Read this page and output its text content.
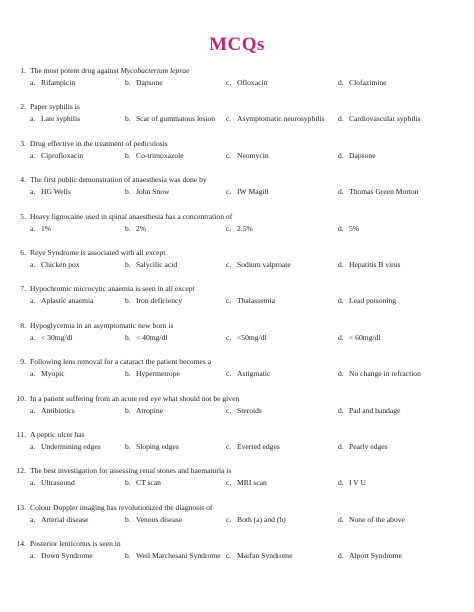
MCQs
1. The most potent drug against Mycobacterium leprae
a. Rifampicin	b. Dapsone	c. Ofloxacin	d. Clofazimine
2. Paper syphilis is
a. Late syphilis	b. Scar of gummatous lesion c. Asymptomatic neurosyphilis d. Cardiovascular syphilis
3. Drug effective in the treatment of pediculosis
a. Ciprofloxacin	b. Co-trimoxazole	c. Neomycin	d. Dapsone
4. The first public demonstration of anaesthesia was done by
a. HG Wells	b. John Snow	c. IW Magill	d. Thomas Green Morton
5. Heavy lignocaine used in spinal anaesthesia has a concentration of
a. 1%	b. 2%	c. 2.5%	d. 5%
6. Reye Syndrome is associated with all except
a. Chicken pox	b. Salycilic acid	c. Sodium valproate	d. Hepatitis B virus
7. Hypochromic microcytic anaemia is seen in all except
a. Aplastic anaemia	b. Iron deficiency	c. Thalassemia	d. Lead poisoning
8. Hypoglycemia in an asymptomatic new born is
a. < 30mg/dl	b. < 40mg/dl	c. <50mg/dl	d. < 60mg/dl
9. Following lens removal for a cataract the patient becomes a
a. Myopic	b. Hypermetrope	c. Astigmatic	d. No change in refraction
10. In a patient suffering from an acute red eye what should not be given
a. Antibiotics	b. Atropine	c. Steroids	d. Pad and bandage
11. A peptic ulcer has
a. Undermining edges	b. Sloping edges	c. Everted edges	d. Pearly edges
12. The best investigation for assessing renal stones and haematuria is
a. Ultrasound	b. CT scan	c. MRI scan	d. I V U
13. Colour Doppler imaging has revolutionized the diagnosis of
a. Arterial disease	b. Venous disease	c. Both (a) and (b)	d. None of the above
14. Posterior lenticonus is seen in
a. Down Syndrome	b. Weil Marchesani Syndrome c. Marfan Syndrome	d. Alport Syndrome
